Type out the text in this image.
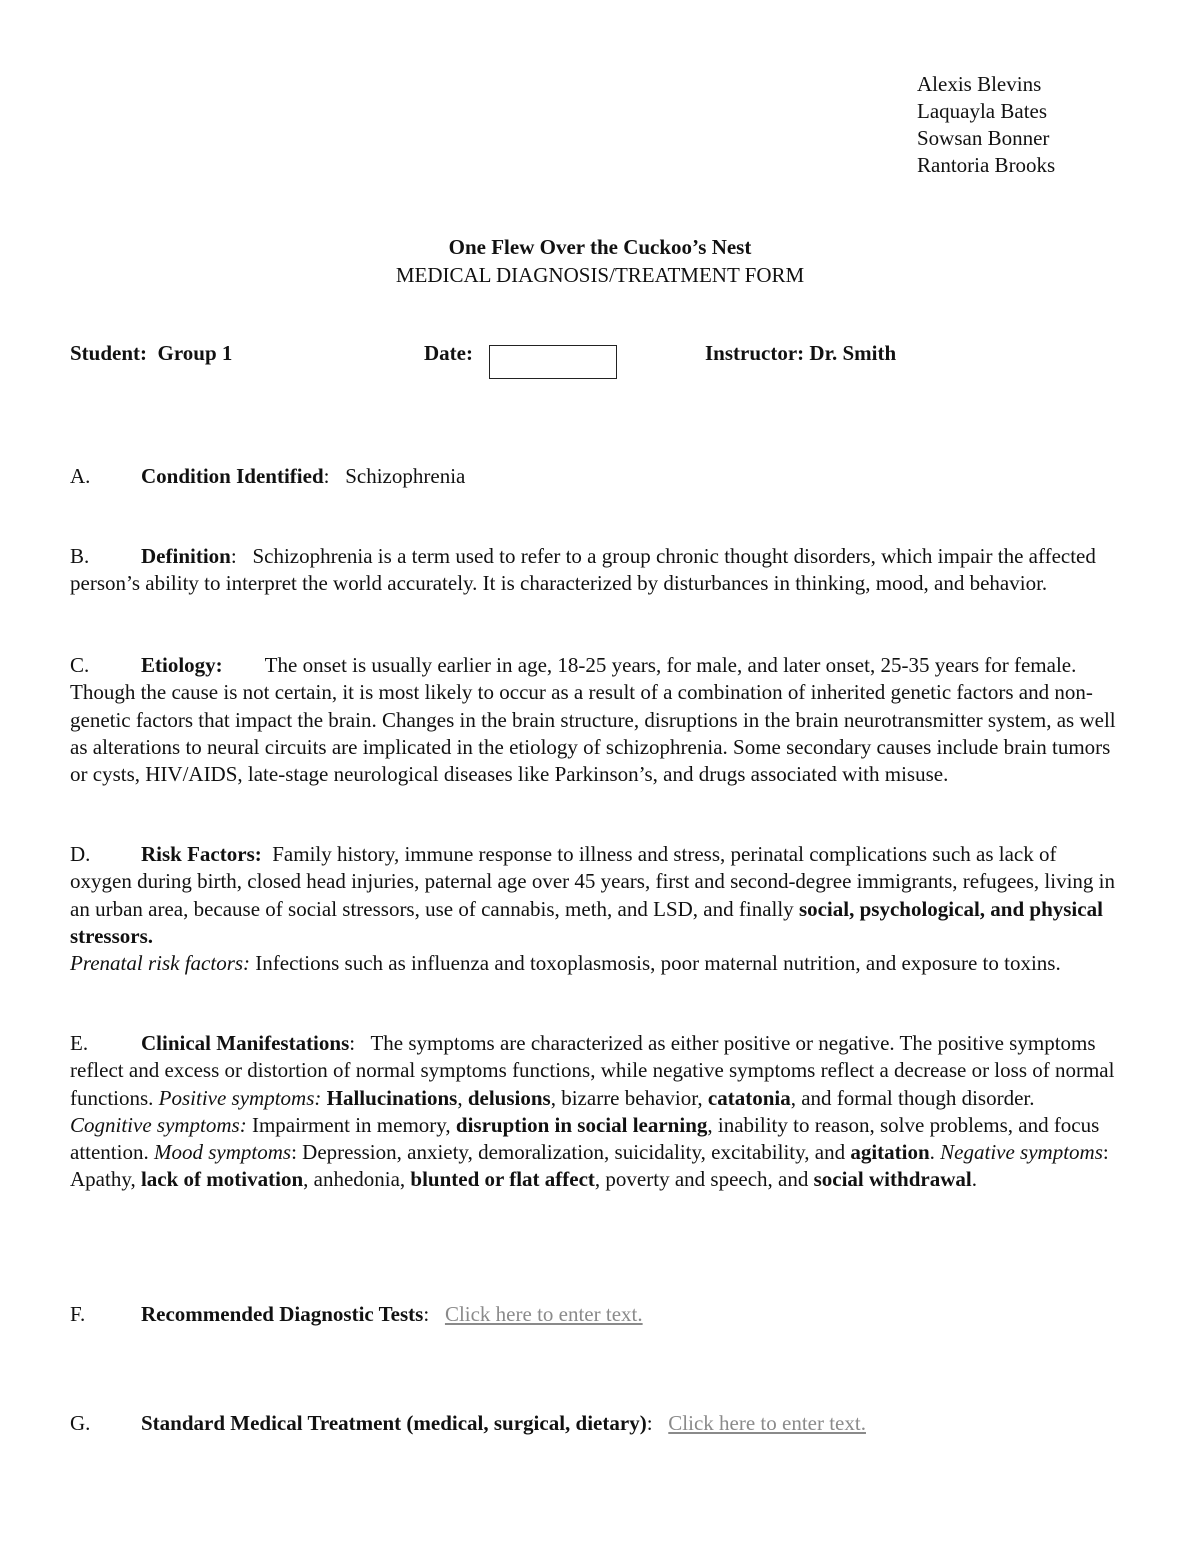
Alexis Blevins
Laquayla Bates
Sowsan Bonner
Rantoria Brooks
One Flew Over the Cuckoo’s Nest
MEDICAL DIAGNOSIS/TREATMENT FORM
Student: Group 1	Date:	Instructor: Dr. Smith
A. Condition Identified:   Schizophrenia
B. Definition:   Schizophrenia is a term used to refer to a group chronic thought disorders, which impair the affected person’s ability to interpret the world accurately. It is characterized by disturbances in thinking, mood, and behavior.
C. Etiology: The onset is usually earlier in age, 18-25 years, for male, and later onset, 25-35 years for female. Though the cause is not certain, it is most likely to occur as a result of a combination of inherited genetic factors and non-genetic factors that impact the brain. Changes in the brain structure, disruptions in the brain neurotransmitter system, as well as alterations to neural circuits are implicated in the etiology of schizophrenia. Some secondary causes include brain tumors or cysts, HIV/AIDS, late-stage neurological diseases like Parkinson’s, and drugs associated with misuse.
D. Risk Factors: Family history, immune response to illness and stress, perinatal complications such as lack of oxygen during birth, closed head injuries, paternal age over 45 years, first and second-degree immigrants, refugees, living in an urban area, because of social stressors, use of cannabis, meth, and LSD, and finally social, psychological, and physical stressors.
Prenatal risk factors: Infections such as influenza and toxoplasmosis, poor maternal nutrition, and exposure to toxins.
E.	Clinical Manifestations:   The symptoms are characterized as either positive or negative. The positive symptoms reflect and excess or distortion of normal symptoms functions, while negative symptoms reflect a decrease or loss of normal functions. Positive symptoms: Hallucinations, delusions, bizarre behavior, catatonia, and formal though disorder. Cognitive symptoms: Impairment in memory, disruption in social learning, inability to reason, solve problems, and focus attention. Mood symptoms: Depression, anxiety, demoralization, suicidality, excitability, and agitation. Negative symptoms: Apathy, lack of motivation, anhedonia, blunted or flat affect, poverty and speech, and social withdrawal.
F.	Recommended Diagnostic Tests:   Click here to enter text.
G. Standard Medical Treatment (medical, surgical, dietary):   Click here to enter text.
